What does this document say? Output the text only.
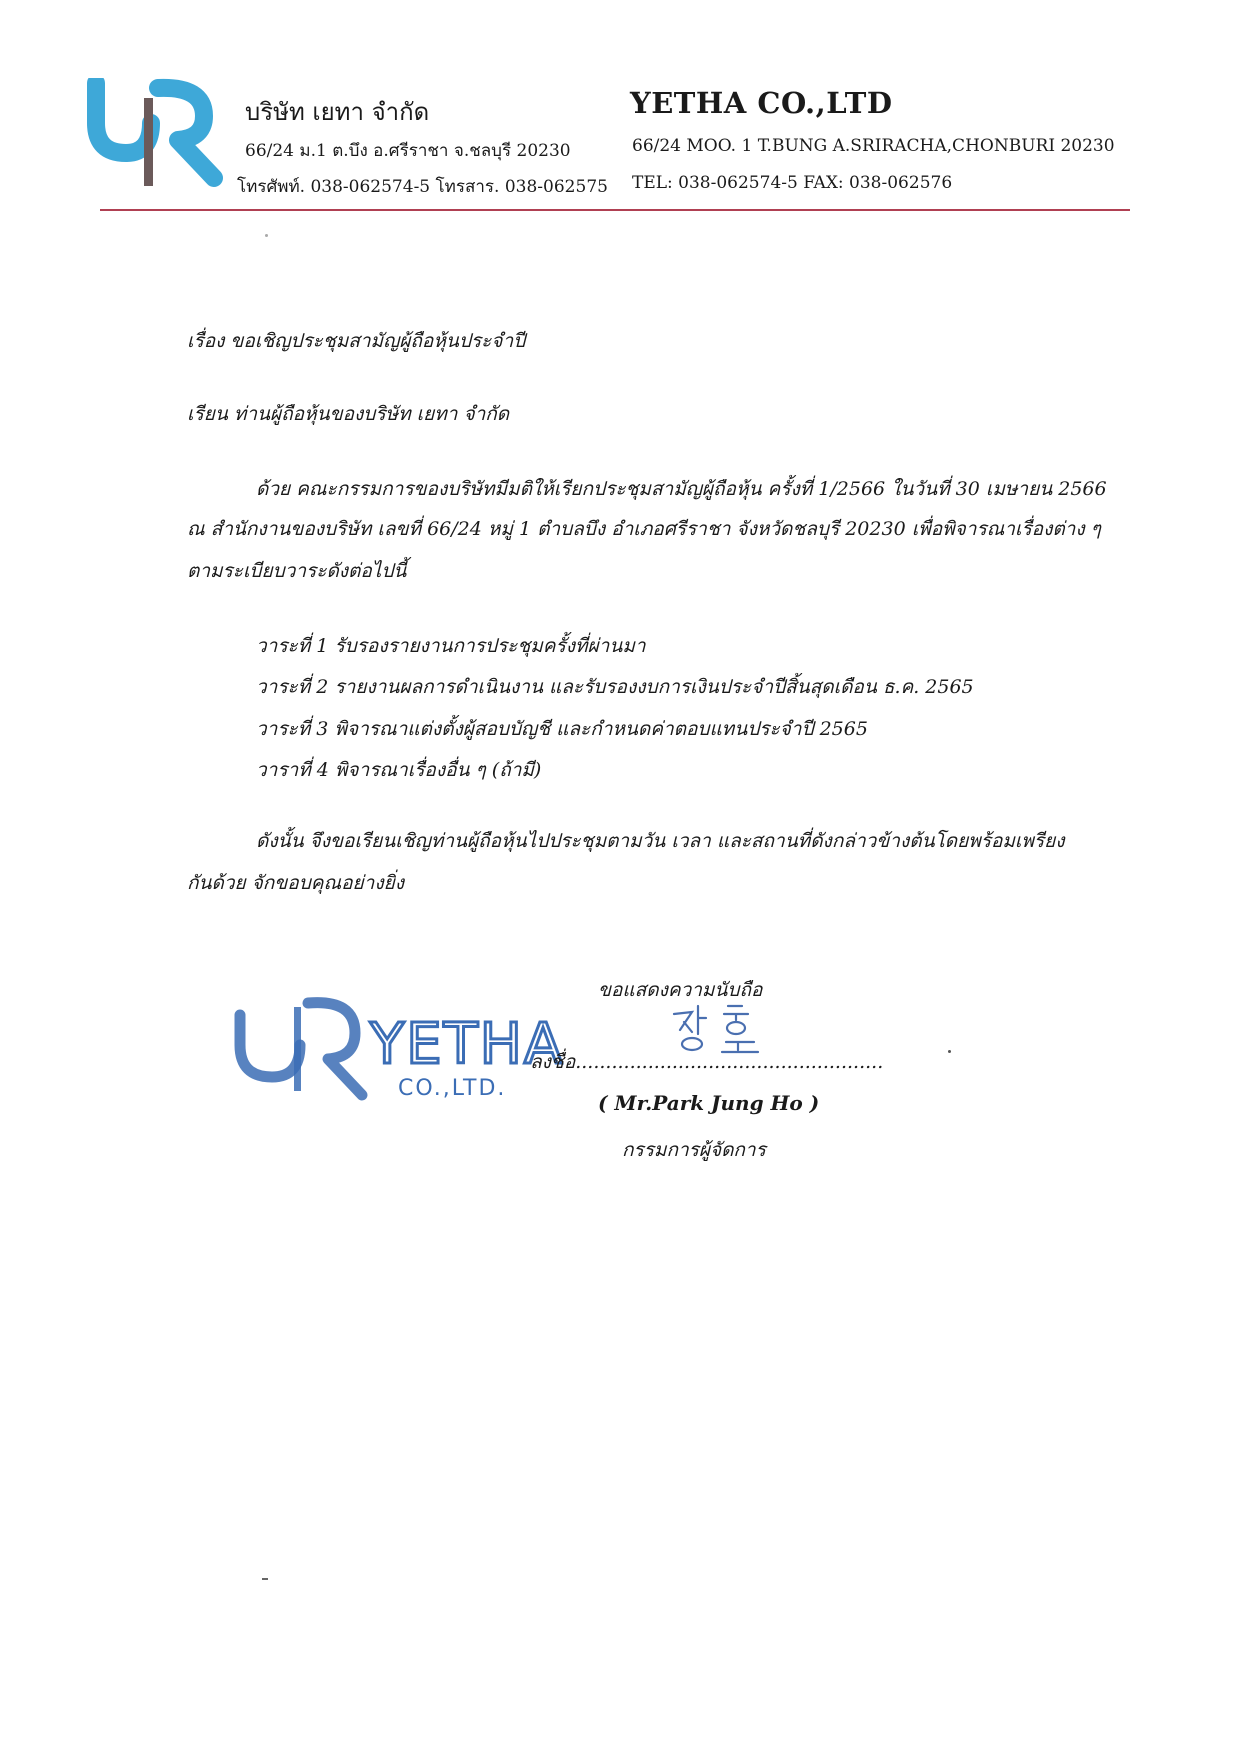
บริษัท เยทา จำกัด
66/24 ม.1 ต.บึง อ.ศรีราชา จ.ชลบุรี 20230
โทรศัพท์. 038-062574-5 โทรสาร. 038-062575
YETHA CO.,LTD
66/24 MOO. 1 T.BUNG A.SRIRACHA,CHONBURI 20230
TEL: 038-062574-5 FAX: 038-062576
เรื่อง ขอเชิญประชุมสามัญผู้ถือหุ้นประจำปี
เรียน ท่านผู้ถือหุ้นของบริษัท เยทา จำกัด
ด้วย คณะกรรมการของบริษัทมีมติให้เรียกประชุมสามัญผู้ถือหุ้น ครั้งที่ 1/2566 ในวันที่ 30 เมษายน 2566
ณ สำนักงานของบริษัท เลขที่ 66/24 หมู่ 1 ตำบลบึง อำเภอศรีราชา จังหวัดชลบุรี 20230 เพื่อพิจารณาเรื่องต่าง ๆ
ตามระเบียบวาระดังต่อไปนี้
วาระที่ 1 รับรองรายงานการประชุมครั้งที่ผ่านมา
วาระที่ 2 รายงานผลการดำเนินงาน และรับรองงบการเงินประจำปีสิ้นสุดเดือน ธ.ค. 2565
วาระที่ 3 พิจารณาแต่งตั้งผู้สอบบัญชี และกำหนดค่าตอบแทนประจำปี 2565
วาราที่ 4 พิจารณาเรื่องอื่น ๆ (ถ้ามี)
ดังนั้น จึงขอเรียนเชิญท่านผู้ถือหุ้นไปประชุมตามวัน เวลา และสถานที่ดังกล่าวข้างต้นโดยพร้อมเพรียง
กันด้วย จักขอบคุณอย่างยิ่ง
ขอแสดงความนับถือ
YETHA
CO.,LTD.
ลงชื่อ...................................................
( Mr.Park Jung Ho )
กรรมการผู้จัดการ
